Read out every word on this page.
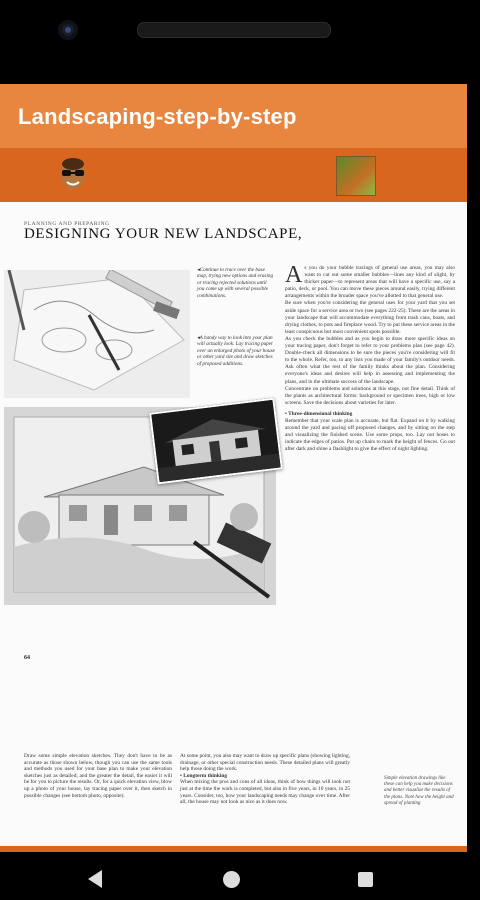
Landscaping-step-by-step
PLANNING AND PREPARING
DESIGNING YOUR NEW LANDSCAPE,
◂Continue to trace over the base map, trying new options and erasing or tracing rejected solutions until you come up with several possible combinations.
◂A handy way to look into your plan will actually look. Lay tracing paper over an enlarged photo of your house or other yard site and draw sketches of proposed additions.
As you do your bubble tracings of general use areas, you may also want to cut out some smaller bubbles—lines any kind of slight, by thicker paper—to represent areas that will have a specific use, say a patio, deck, or pool. You can move these pieces around easily, trying different arrangements within the broader space you've allotted to that general use.
Be sure when you're considering the general uses for your yard that you set aside space for a service area or two (see pages 222-25). These are the areas in your landscape that will accommodate everything from trash cans, boats, and drying clothes, to pots and fireplace wood. Try to put these service areas in the least conspicuous but most convenient spots possible.
As you check the bubbles and as you begin to draw more specific ideas on your tracing paper, don't forget to refer to your problems plan (see page 42). Double-check all dimensions to be sure the pieces you're considering will fit to the whole. Refer, too, to any lists you made of your family's outdoor needs. Ask often what the rest of the family thinks about the plan. Considering everyone's ideas and desires will help in assessing and implementing the plans, and in the ultimate success of the landscape.
Concentrate on problems and solutions at this stage, not fine detail. Think of the plants as architectural forms: background or specimen trees, high or low screens. Save the decisions about varieties for later.
• Three-dimensional thinking
Remember that your scale plan is accurate, but flat. Expand on it by walking around the yard and pacing off proposed changes, and by sitting on the step and visualizing the finished scene. Use some props, too. Lay out hoses to indicate the edges of patios. Put up chairs to mark the height of fences. Go out after dark and shine a flashlight to give the effect of night lighting.
64
Draw some simple elevation sketches. They don't have to be as accurate as those shown below, though you can use the same tools and methods you used for your base plan to make your elevation sketches just as detailed; and the greater the detail, the easier it will be for you to picture the results. Or, for a quick elevation view, blow up a photo of your house, lay tracing paper over it, then sketch in possible changes (see bottom photo, opposite).
At some point, you also may want to draw up specific plans (showing lighting, drainage, or other special construction needs. These detailed plans will greatly help those doing the work.
• Longterm thinking
When mixing the pros and cons of all ideas, think of how things will look not just at the time the work is completed, but also in five years, in 10 years, in 25 years. Consider, too, how your landscaping needs may change over time. After all, the house may not look as nice as it does now.
Simple elevation drawings like these can help you make decisions and better visualize the results of the plans. Note how the height and spread of planting
